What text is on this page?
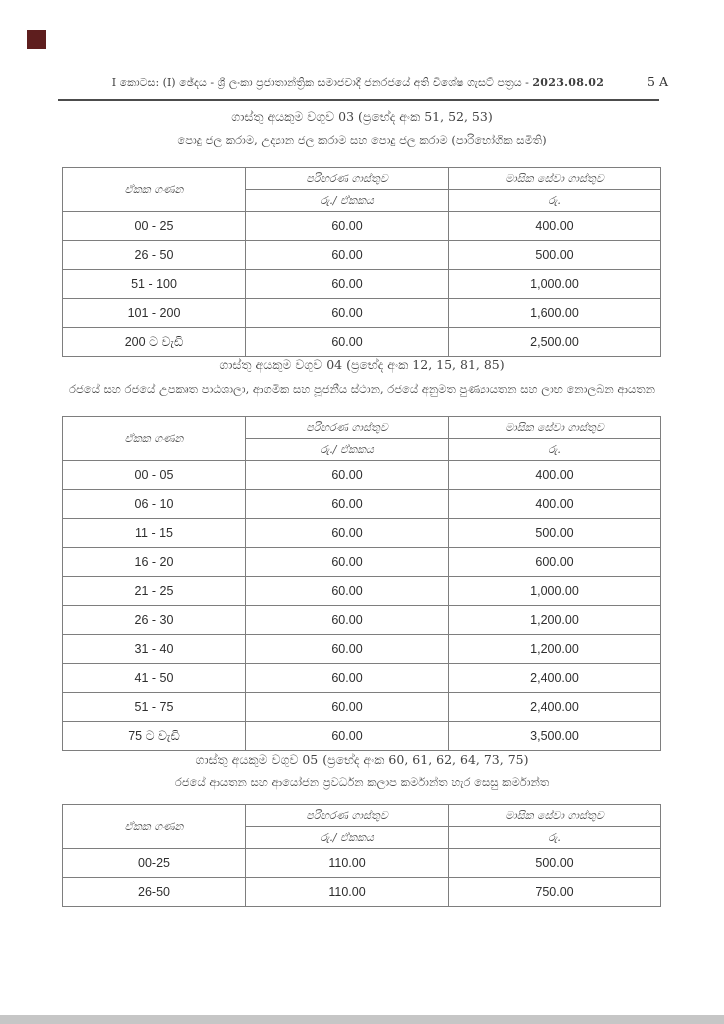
I කොටස: (I) ඡේදය - ශ්‍රී ලංකා ප්‍රජාතාන්ත්‍රික සමාජවාදී ජනරජයේ අති විශේෂ ගැසට් පත්‍රය - 2023.08.02	5 A
ගාස්තු අයකුම වගුව 03 (ප්‍රභේද අංක 51, 52, 53)
පොදු ජල කරාම, උද්‍යාන ජල කරාම සහ පොදු ජල කරාම (පාරිභෝගික සමිති)
ඒකක ගණන	පරිහරණ ගාස්තුව	මාසික සේවා ගාස්තුව
	රු./ ඒකකය	රු.
00 - 25	60.00	400.00
26 - 50	60.00	500.00
51 - 100	60.00	1,000.00
101 - 200	60.00	1,600.00
200 ට වැඩි	60.00	2,500.00
ගාස්තු අයකුම වගුව 04 (ප්‍රභේද අංක 12, 15, 81, 85)
රජයේ සහ රජයේ උපකෘත පාඨශාලා, ආගමික සහ පූජනීය ස්ථාන, රජයේ අනුමත පුණ්‍යායතන සහ ලාභ නොලබන ආයතන
ඒකක ගණන	පරිහරණ ගාස්තුව	මාසික සේවා ගාස්තුව
	රු./ ඒකකය	රු.
00 - 05	60.00	400.00
06 - 10	60.00	400.00
11 - 15	60.00	500.00
16 - 20	60.00	600.00
21 - 25	60.00	1,000.00
26 - 30	60.00	1,200.00
31 - 40	60.00	1,200.00
41 - 50	60.00	2,400.00
51 - 75	60.00	2,400.00
75 ට වැඩි	60.00	3,500.00
ගාස්තු අයකුම වගුව 05 (ප්‍රභේද අංක 60, 61, 62, 64, 73, 75)
රජයේ ආයතන සහ ආයෝජන ප්‍රවර්ධන කලාප කර්මාන්ත හැර සෙසු කර්මාන්ත
ඒකක ගණන	පරිහරණ ගාස්තුව	මාසික සේවා ගාස්තුව
	රු./ ඒකකය	රු.
00-25	110.00	500.00
26-50	110.00	750.00
